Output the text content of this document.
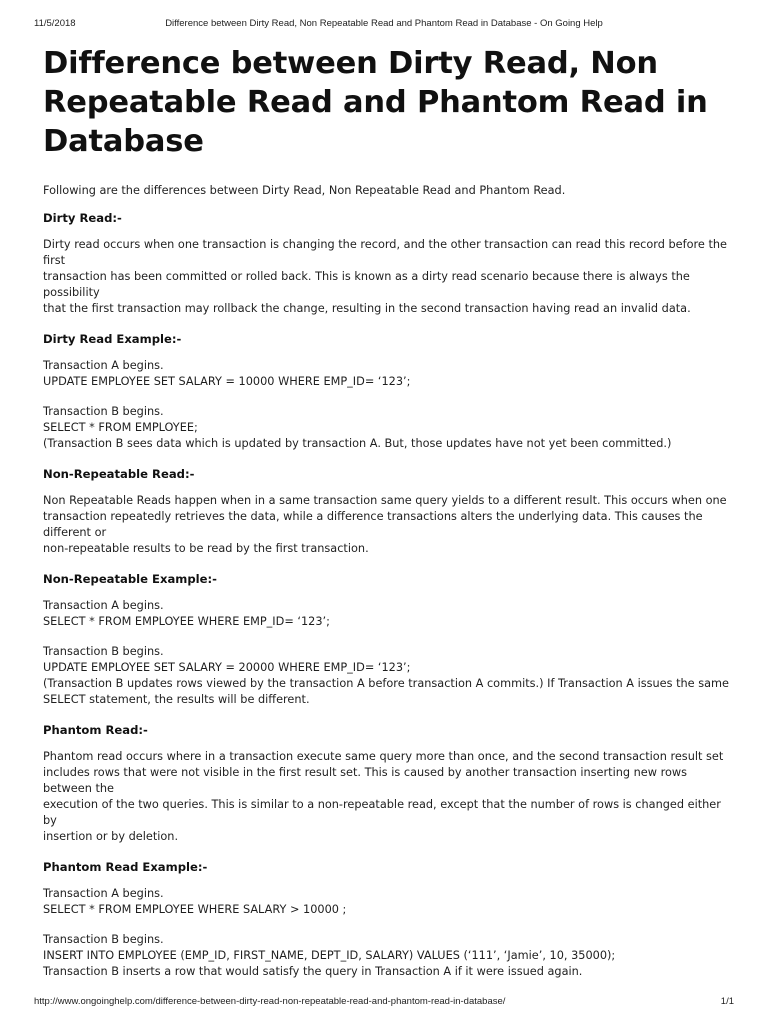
11/5/2018	Difference between Dirty Read, Non Repeatable Read and Phantom Read in Database - On Going Help
Difference between Dirty Read, Non Repeatable Read and Phantom Read in Database

Following are the differences between Dirty Read, Non Repeatable Read and Phantom Read.

Dirty Read:-

Dirty read occurs when one transaction is changing the record, and the other transaction can read this record before the first
transaction has been committed or rolled back. This is known as a dirty read scenario because there is always the possibility
that the first transaction may rollback the change, resulting in the second transaction having read an invalid data.

Dirty Read Example:-

Transaction A begins.
UPDATE EMPLOYEE SET SALARY = 10000 WHERE EMP_ID= ‘123’;

Transaction B begins.
SELECT * FROM EMPLOYEE;
(Transaction B sees data which is updated by transaction A. But, those updates have not yet been committed.)

Non-Repeatable Read:-

Non Repeatable Reads happen when in a same transaction same query yields to a different result. This occurs when one
transaction repeatedly retrieves the data, while a difference transactions alters the underlying data. This causes the different or
non-repeatable results to be read by the first transaction.

Non-Repeatable Example:-

Transaction A begins.
SELECT * FROM EMPLOYEE WHERE EMP_ID= ‘123’;

Transaction B begins.
UPDATE EMPLOYEE SET SALARY = 20000 WHERE EMP_ID= ‘123’;
(Transaction B updates rows viewed by the transaction A before transaction A commits.) If Transaction A issues the same
SELECT statement, the results will be different.

Phantom Read:-

Phantom read occurs where in a transaction execute same query more than once, and the second transaction result set
includes rows that were not visible in the first result set. This is caused by another transaction inserting new rows between the
execution of the two queries. This is similar to a non-repeatable read, except that the number of rows is changed either by
insertion or by deletion.

Phantom Read Example:-

Transaction A begins.
SELECT * FROM EMPLOYEE WHERE SALARY > 10000 ;

Transaction B begins.
INSERT INTO EMPLOYEE (EMP_ID, FIRST_NAME, DEPT_ID, SALARY) VALUES (‘111’, ‘Jamie’, 10, 35000);
Transaction B inserts a row that would satisfy the query in Transaction A if it were issued again.

http://www.ongoinghelp.com/difference-between-dirty-read-non-repeatable-read-and-phantom-read-in-database/	1/1
